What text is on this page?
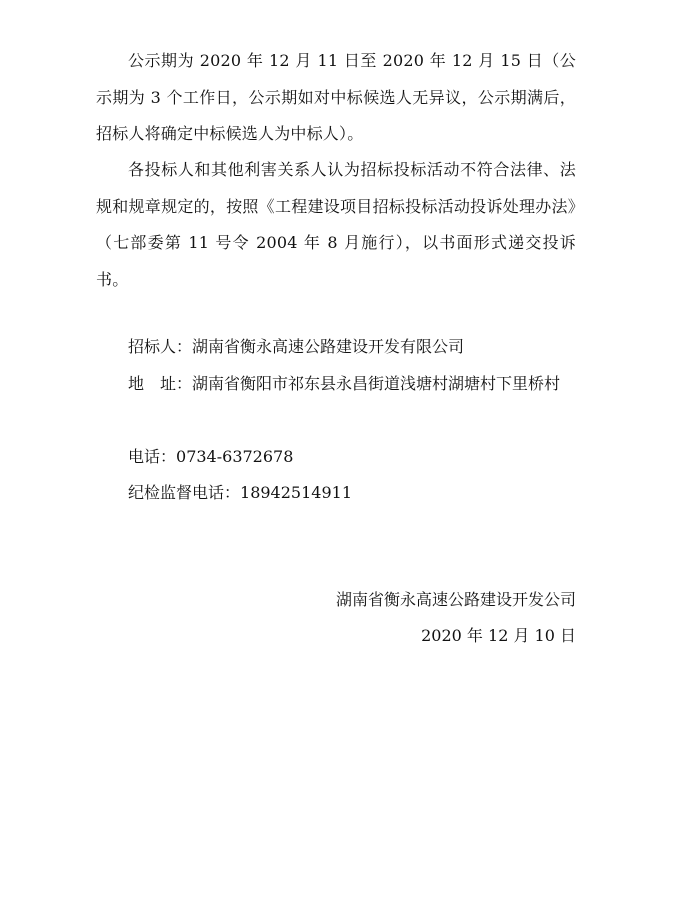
公示期为 2020 年 12 月 11 日至 2020 年 12 月 15 日（公示期为 3 个工作日，公示期如对中标候选人无异议，公示期满后，招标人将确定中标候选人为中标人）。

各投标人和其他利害关系人认为招标投标活动不符合法律、法规和规章规定的，按照《工程建设项目招标投标活动投诉处理办法》（七部委第 11 号令 2004 年 8 月施行），以书面形式递交投诉书。

招标人：湖南省衡永高速公路建设开发有限公司

地　址：湖南省衡阳市祁东县永昌街道浅塘村湖塘村下里桥村

电话：0734-6372678

纪检监督电话：18942514911

湖南省衡永高速公路建设开发公司

2020 年 12 月 10 日
